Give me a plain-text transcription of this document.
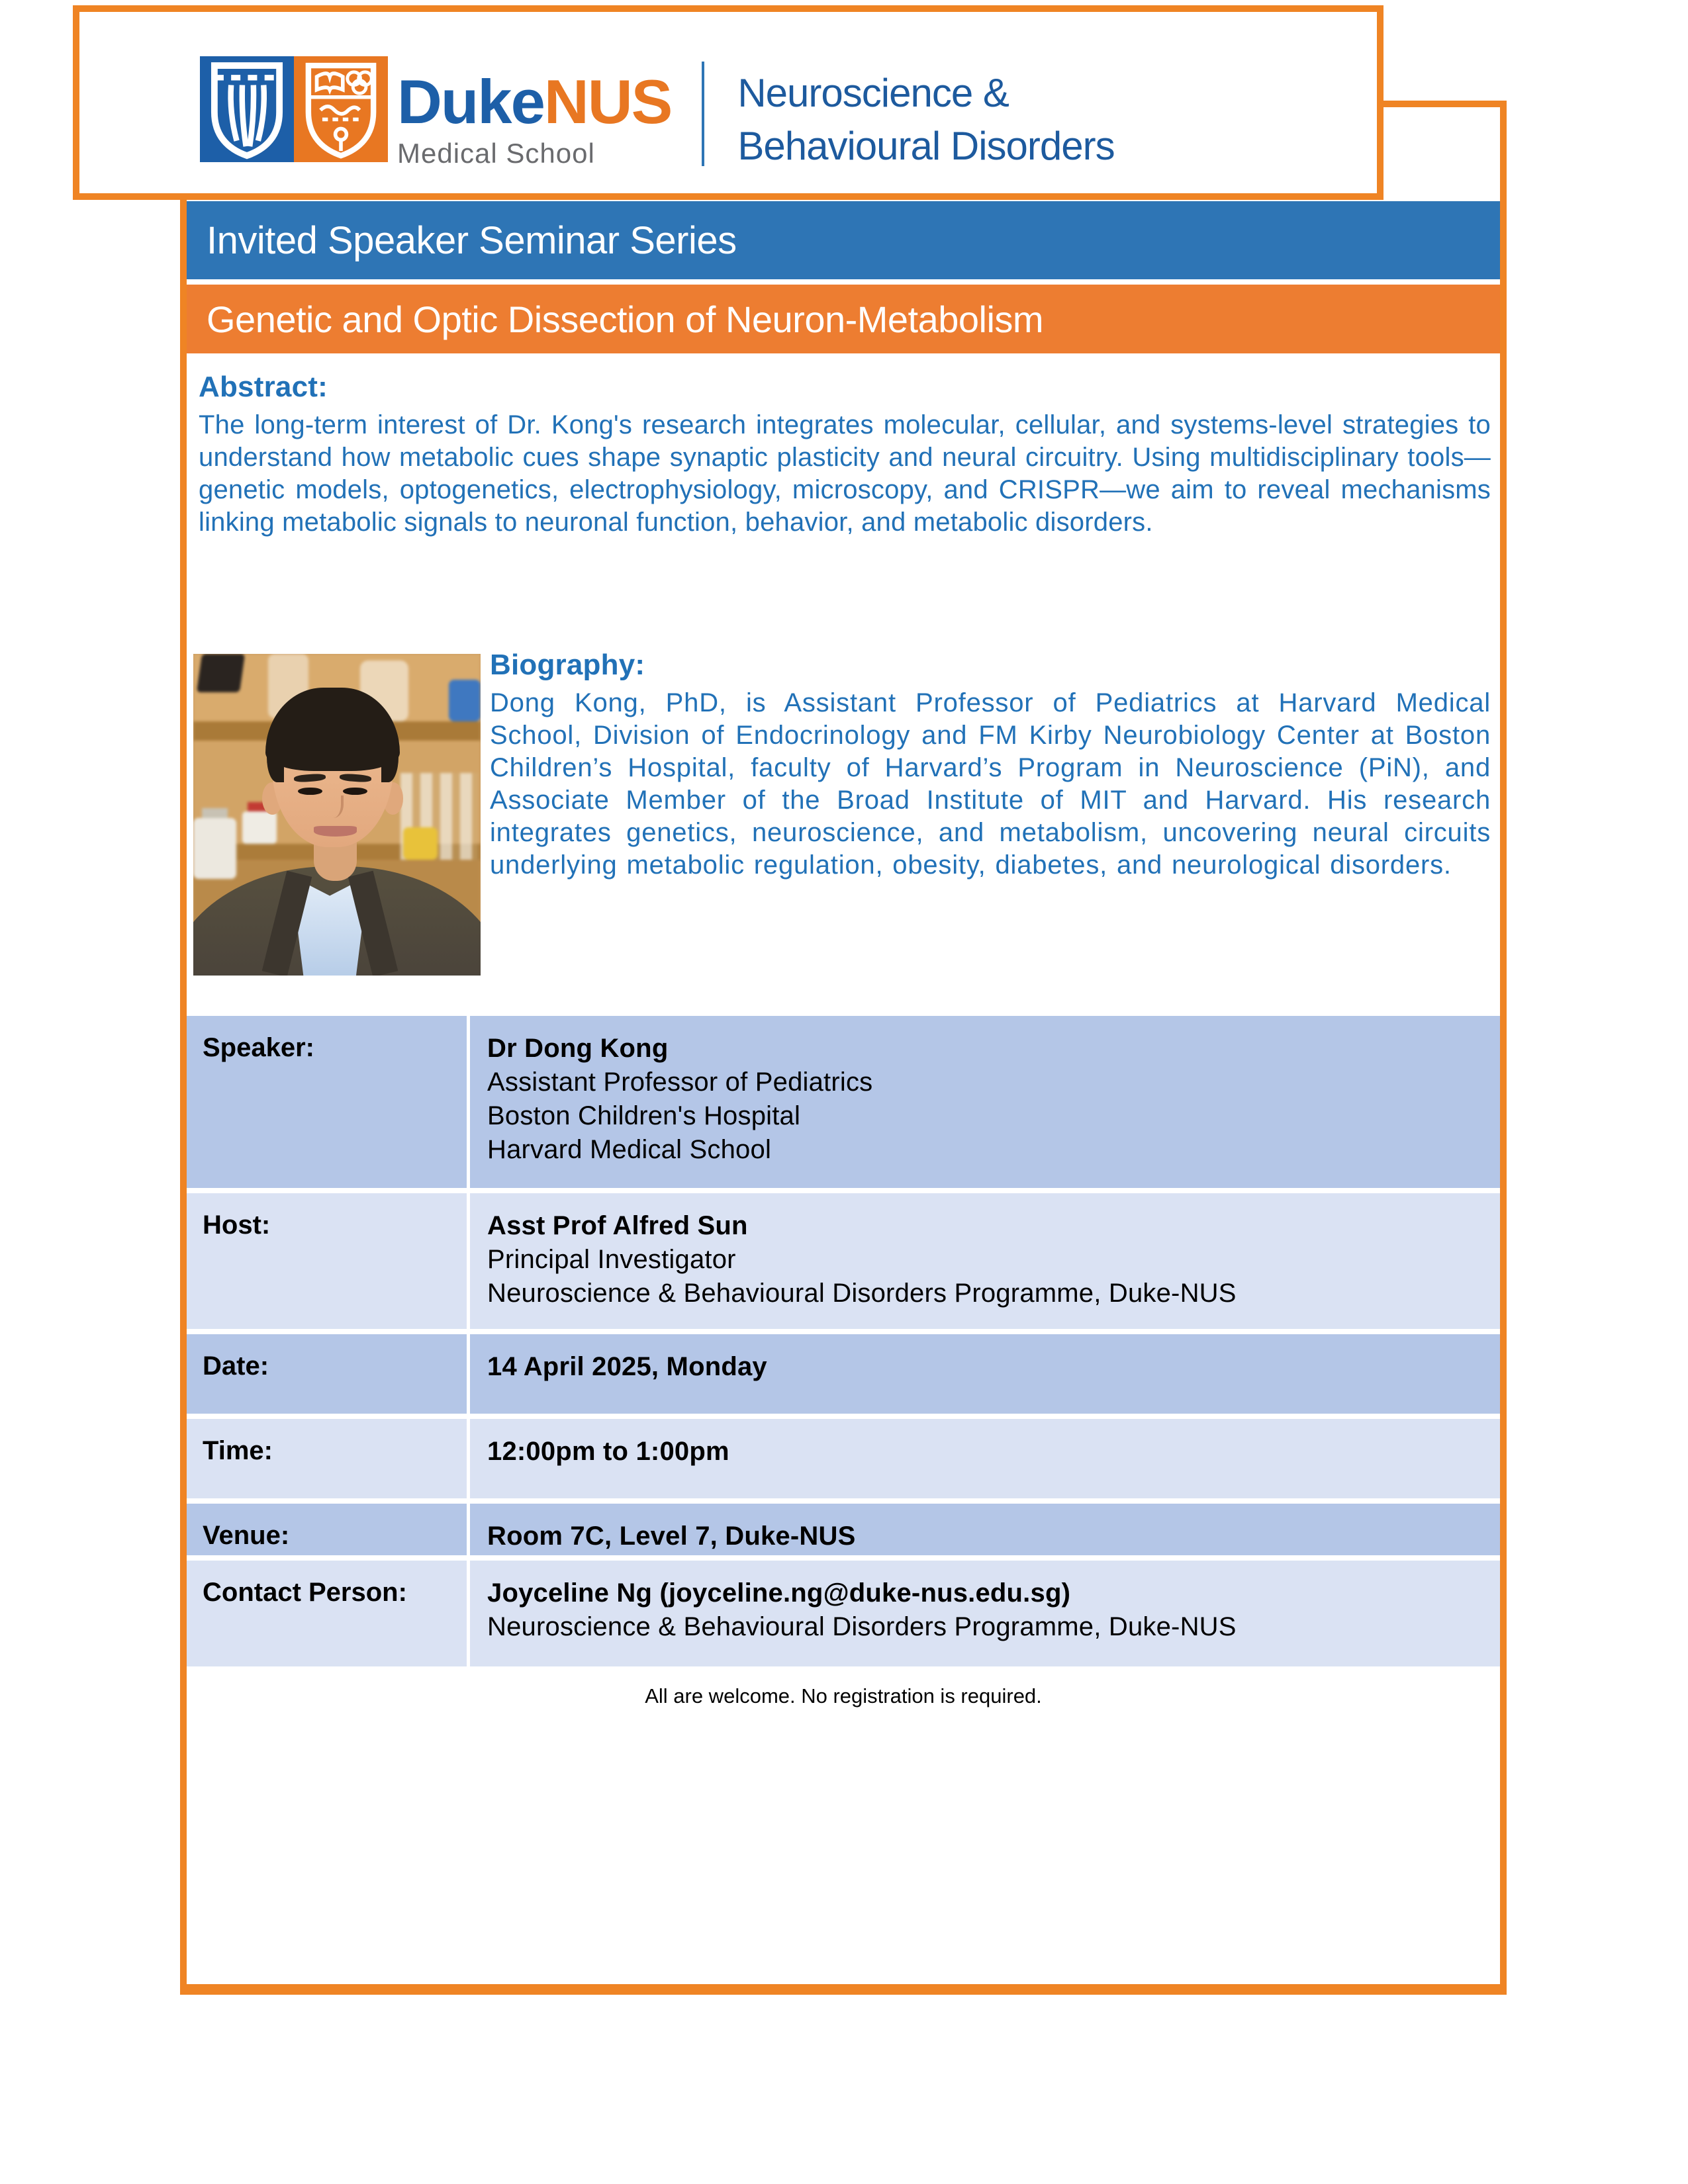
DukeNUS
Medical School
Neuroscience &
Behavioural Disorders
Invited Speaker Seminar Series
Genetic and Optic Dissection of Neuron-Metabolism
Abstract:
The long-term interest of Dr. Kong's research integrates molecular, cellular, and systems-level strategies to understand how metabolic cues shape synaptic plasticity and neural circuitry. Using multidisciplinary tools—genetic models, optogenetics, electrophysiology, microscopy, and CRISPR—we aim to reveal mechanisms linking metabolic signals to neuronal function, behavior, and metabolic disorders.
Biography:
Dong Kong, PhD, is Assistant Professor of Pediatrics at Harvard Medical School, Division of Endocrinology and FM Kirby Neurobiology Center at Boston Children’s Hospital, faculty of Harvard’s Program in Neuroscience (PiN), and Associate Member of the Broad Institute of MIT and Harvard. His research integrates genetics, neuroscience, and metabolism, uncovering neural circuits underlying metabolic regulation, obesity, diabetes, and neurological disorders.
Speaker:	Dr Dong Kong
Assistant Professor of Pediatrics
Boston Children's Hospital
Harvard Medical School
Host:	Asst Prof Alfred Sun
Principal Investigator
Neuroscience & Behavioural Disorders Programme, Duke-NUS
Date:	14 April 2025, Monday
Time:	12:00pm to 1:00pm
Venue:	Room 7C, Level 7, Duke-NUS
Contact Person:	Joyceline Ng (joyceline.ng@duke-nus.edu.sg)
Neuroscience & Behavioural Disorders Programme, Duke-NUS
All are welcome. No registration is required.
